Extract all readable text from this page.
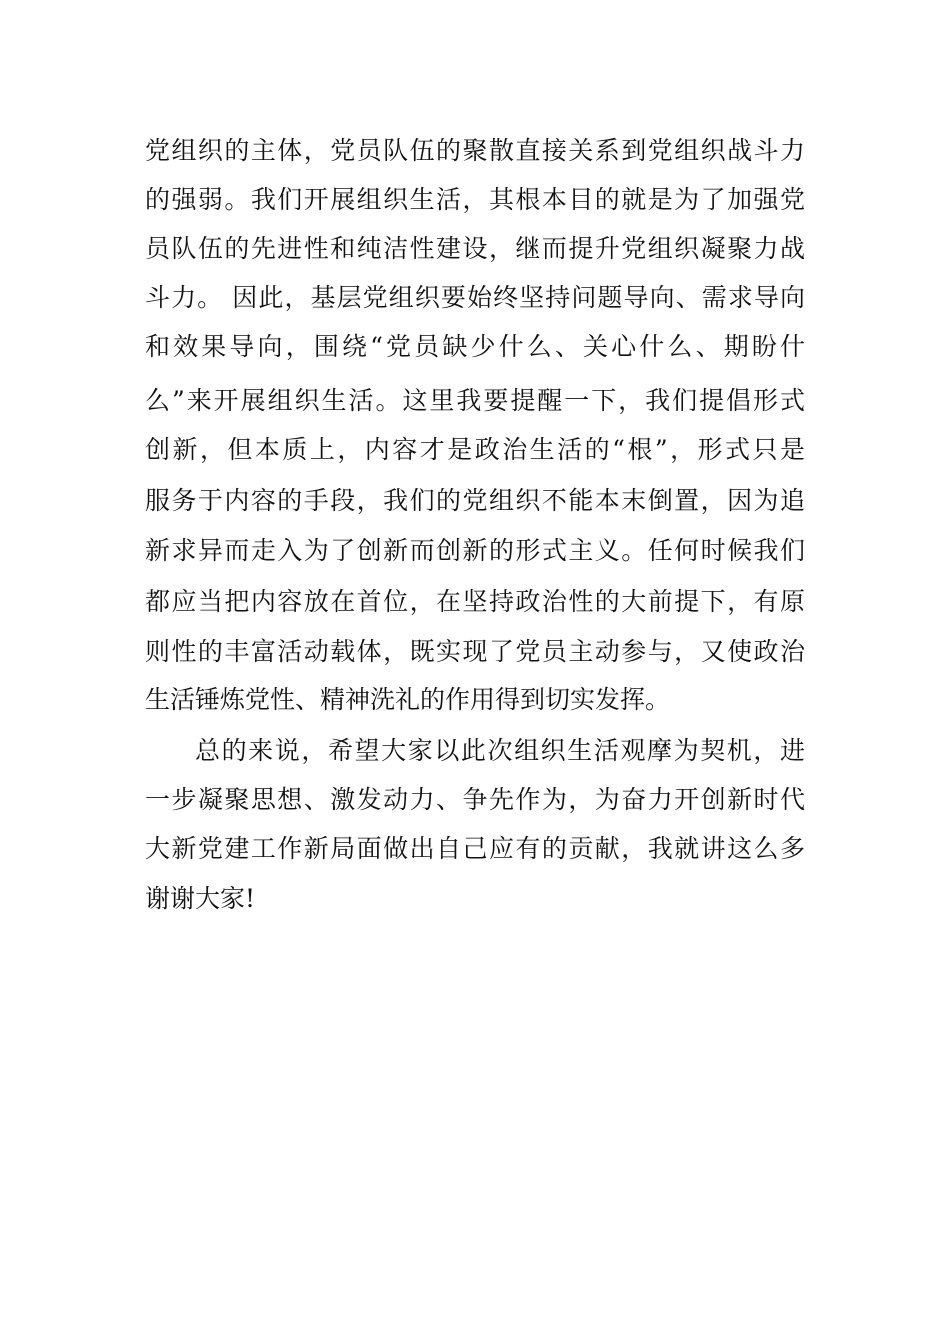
党组织的主体，党员队伍的聚散直接关系到党组织战斗力
的强弱。我们开展组织生活，其根本目的就是为了加强党
员队伍的先进性和纯洁性建设，继而提升党组织凝聚力战
斗力。 因此，基层党组织要始终坚持问题导向、需求导向
和效果导向，围绕“党员缺少什么、关心什么、期盼什
么”来开展组织生活。这里我要提醒一下，我们提倡形式
创新，但本质上，内容才是政治生活的“根”，形式只是
服务于内容的手段，我们的党组织不能本末倒置，因为追
新求异而走入为了创新而创新的形式主义。任何时候我们
都应当把内容放在首位，在坚持政治性的大前提下，有原
则性的丰富活动载体，既实现了党员主动参与，又使政治
生活锤炼党性、精神洗礼的作用得到切实发挥。
总的来说，希望大家以此次组织生活观摩为契机，进
一步凝聚思想、激发动力、争先作为，为奋力开创新时代
大新党建工作新局面做出自己应有的贡献，我就讲这么多
谢谢大家!
